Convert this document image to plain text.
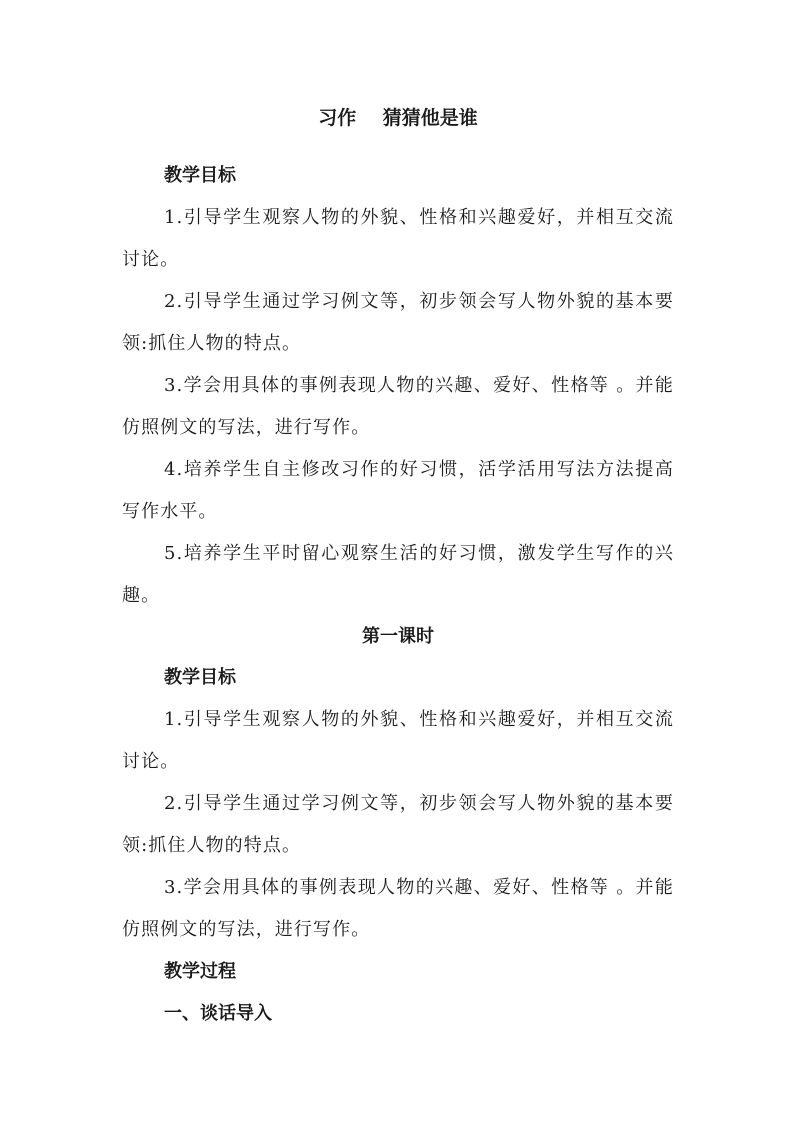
习作    猜猜他是谁
教学目标

1.引导学生观察人物的外貌、性格和兴趣爱好，并相互交流讨论。

2.引导学生通过学习例文等，初步领会写人物外貌的基本要领:抓住人物的特点。

3.学会用具体的事例表现人物的兴趣、爱好、性格等 。并能仿照例文的写法，进行写作。

4.培养学生自主修改习作的好习惯，活学活用写法方法提高写作水平。

5.培养学生平时留心观察生活的好习惯，激发学生写作的兴趣。

第一课时
教学目标

1.引导学生观察人物的外貌、性格和兴趣爱好，并相互交流讨论。

2.引导学生通过学习例文等，初步领会写人物外貌的基本要领:抓住人物的特点。

3.学会用具体的事例表现人物的兴趣、爱好、性格等 。并能仿照例文的写法，进行写作。

教学过程
一、谈话导入
